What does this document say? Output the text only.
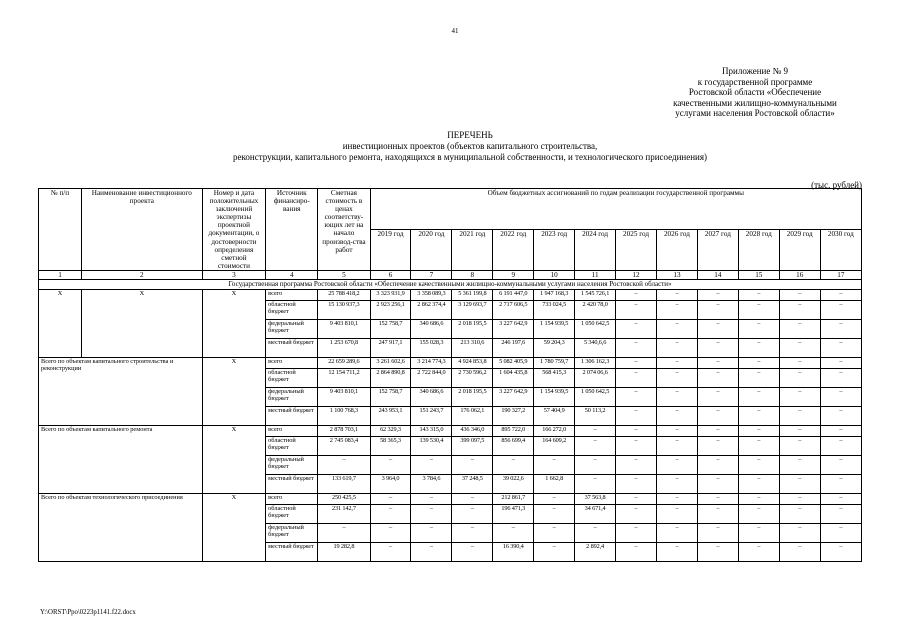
41
Приложение № 9
к государственной программе
Ростовской области «Обеспечение
качественными жилищно-коммунальными
услугами населения Ростовской области»
ПЕРЕЧЕНЬ
инвестиционных проектов (объектов капитального строительства,
реконструкции, капитального ремонта, находящихся в муниципальной собственности, и технологического присоединения)
(тыс. рублей)
№ п/п	Наименование инвестиционного проекта	Номер и дата положительных заключений экспертизы проектной документации, о достоверности определения сметной стоимости	Источник финансиро-вания	Сметная стоимость в ценах соответству-ющих лет на начало производ-ства работ	Объем бюджетных ассигнований по годам реализации государственной программы											
					2019 год	2020 год	2021 год	2022 год	2023 год	2024 год	2025 год	2026 год	2027 год	2028 год	2029 год	2030 год
1	2	3	4	5	6	7	8	9	10	11	12	13	14	15	16	17
Государственная программа Ростовской области «Обеспечение качественными жилищно-коммунальными услугами населения Ростовской области»																
Х	Х	Х	всего	25 788 418,2	3 323 931,9	3 358 089,3	5 361 199,8	6 191 447,0	1 947 168,3	1 545 726,1	–	–	–	–	–	–
			областной бюджет	15 130 937,3	2 923 256,1	2 862 374,4	3 129 693,7	2 717 606,5	733 024,5	2 420 78,0	–	–	–	–	–	–
			федеральный бюджет	9 403 810,1	152 758,7	340 686,6	2 018 195,5	3 227 642,9	1 154 939,5	1 050 642,5	–	–	–	–	–	–
			местный бюджет	1 253 670,8	247 917,1	155 028,3	213 310,6	246 197,6	59 204,3	5 340,6,6	–	–	–	–	–	–
Всего по объектам капитального строительства и реконструкции		Х	всего	22 659 289,6	3 261 602,6	3 214 774,3	4 924 853,8	5 082 405,9	1 780 759,7	1 306 162,3	–	–	–	–	–	–
			областной бюджет	12 154 711,2	2 864 890,8	2 722 844,0	2 730 596,2	1 604 435,8	568 415,3	2 074 06,6	–	–	–	–	–	–
			федеральный бюджет	9 403 810,1	152 758,7	340 686,6	2 018 195,5	3 227 642,9	1 154 939,5	1 050 642,5	–	–	–	–	–	–
			местный бюджет	1 100 768,3	243 953,1	151 243,7	176 062,1	190 327,2	57 404,9	50 113,2	–	–	–	–	–	–
Всего по объектам капитального ремонта		Х	всего	2 878 703,1	62 329,3	143 315,0	436 346,0	895 722,0	166 272,0	–	–	–	–	–	–	–
			областной бюджет	2 745 083,4	58 365,3	139 530,4	399 097,5	856 699,4	164 609,2	–	–	–	–	–	–	–
			федеральный бюджет	–	–	–	–	–	–	–	–	–	–	–	–	–
			местный бюджет	133 619,7	3 964,0	3 784,6	37 248,5	39 022,6	1 662,8	–	–	–	–	–	–	–
Всего по объектам технологического присоединения		Х	всего	250 425,5	–	–	–	212 861,7	–	37 563,8	–	–	–	–	–	–
			областной бюджет	231 142,7	–	–	–	196 471,3	–	34 671,4	–	–	–	–	–	–
			федеральный бюджет	–	–	–	–	–	–	–	–	–	–	–	–	–
			местный бюджет	19 282,8	–	–	–	16 390,4	–	2 892,4	–	–	–	–	–	–
Y:\ORST\Ppo\0223p1141.f22.docx
